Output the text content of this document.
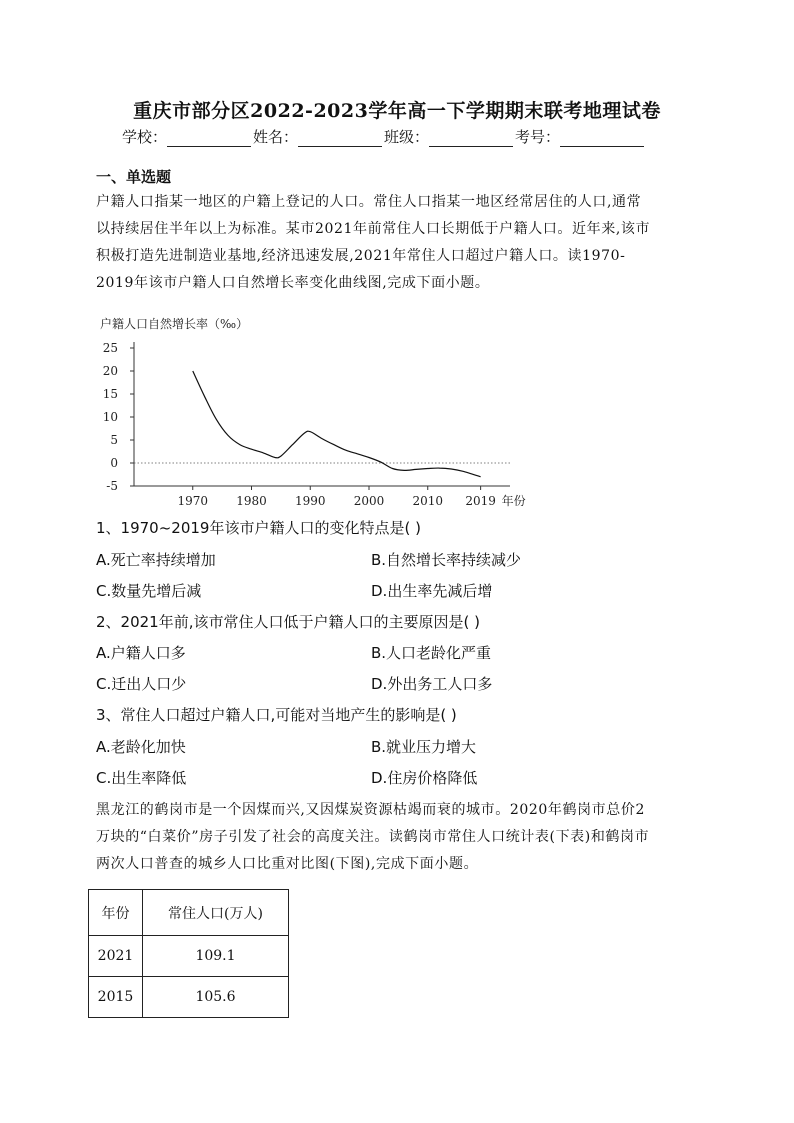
重庆市部分区2022-2023学年高一下学期期末联考地理试卷
学校：	姓名：	班级：	考号：
一、单选题
户籍人口指某一地区的户籍上登记的人口。常住人口指某一地区经常居住的人口,通常
以持续居住半年以上为标准。某市2021年前常住人口长期低于户籍人口。近年来,该市
积极打造先进制造业基地,经济迅速发展,2021年常住人口超过户籍人口。读1970-
2019年该市户籍人口自然增长率变化曲线图,完成下面小题。
户籍人口自然增长率（‰）
25
20
15
10
5
0
-5
1970 1980 1990 2000 2010 2019 年份
1、1970~2019年该市户籍人口的变化特点是( )
A.死亡率持续增加	B.自然增长率持续减少
C.数量先增后减	D.出生率先减后增
2、2021年前,该市常住人口低于户籍人口的主要原因是( )
A.户籍人口多	B.人口老龄化严重
C.迁出人口少	D.外出务工人口多
3、常住人口超过户籍人口,可能对当地产生的影响是( )
A.老龄化加快	B.就业压力增大
C.出生率降低	D.住房价格降低
黑龙江的鹤岗市是一个因煤而兴,又因煤炭资源枯竭而衰的城市。2020年鹤岗市总价2
万块的“白菜价”房子引发了社会的高度关注。读鹤岗市常住人口统计表(下表)和鹤岗市
两次人口普查的城乡人口比重对比图(下图),完成下面小题。
年份	常住人口(万人)
2021	109.1
2015	105.6
